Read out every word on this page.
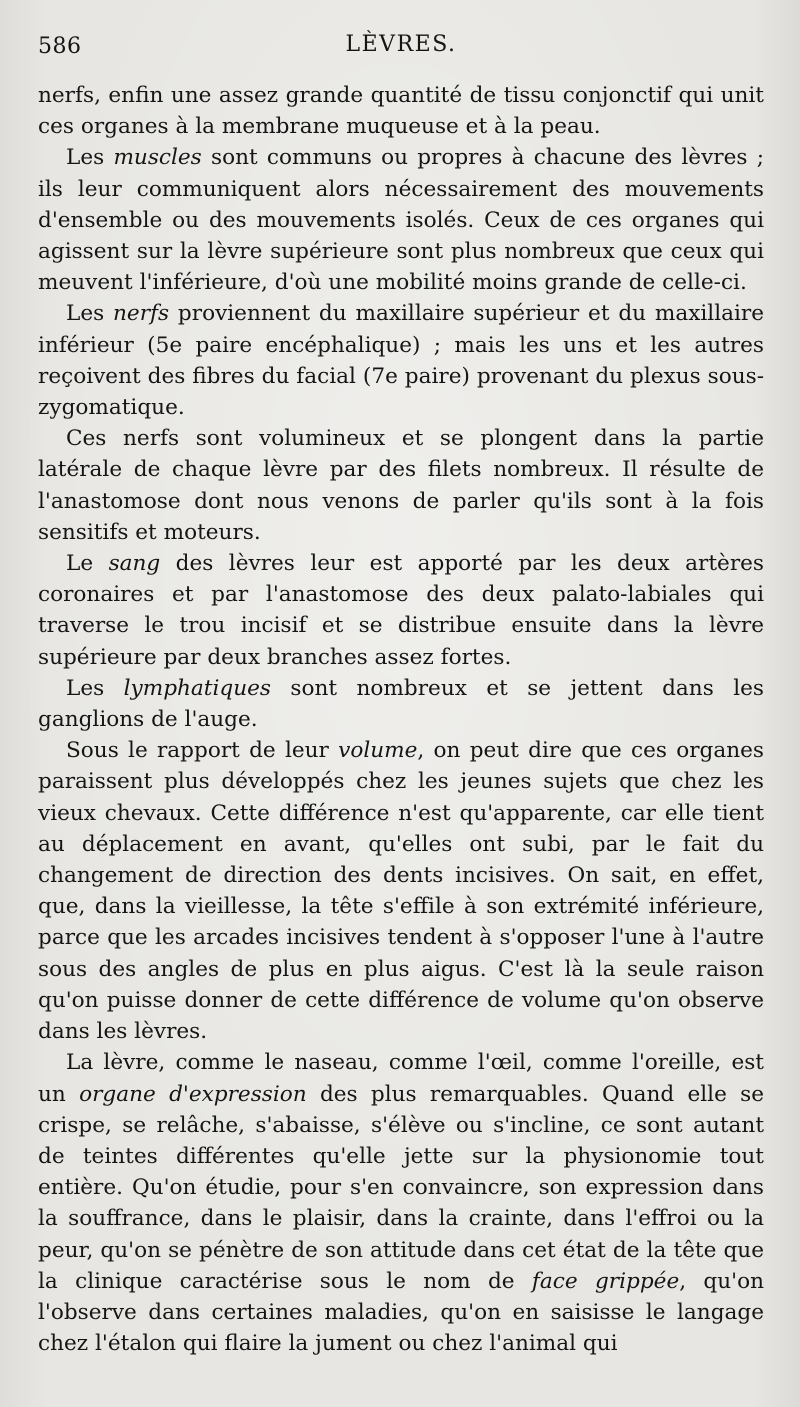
586	LÈVRES.

nerfs, enfin une assez grande quantité de tissu conjonctif qui unit ces organes à la membrane muqueuse et à la peau.

Les muscles sont communs ou propres à chacune des lèvres ; ils leur communiquent alors nécessairement des mouvements d'ensemble ou des mouvements isolés. Ceux de ces organes qui agissent sur la lèvre supérieure sont plus nombreux que ceux qui meuvent l'inférieure, d'où une mobilité moins grande de celle-ci.

Les nerfs proviennent du maxillaire supérieur et du maxillaire inférieur (5e paire encéphalique) ; mais les uns et les autres reçoivent des fibres du facial (7e paire) provenant du plexus sous-zygomatique.

Ces nerfs sont volumineux et se plongent dans la partie latérale de chaque lèvre par des filets nombreux. Il résulte de l'anastomose dont nous venons de parler qu'ils sont à la fois sensitifs et moteurs.

Le sang des lèvres leur est apporté par les deux artères coronaires et par l'anastomose des deux palato-labiales qui traverse le trou incisif et se distribue ensuite dans la lèvre supérieure par deux branches assez fortes.

Les lymphatiques sont nombreux et se jettent dans les ganglions de l'auge.

Sous le rapport de leur volume, on peut dire que ces organes paraissent plus développés chez les jeunes sujets que chez les vieux chevaux. Cette différence n'est qu'apparente, car elle tient au déplacement en avant, qu'elles ont subi, par le fait du changement de direction des dents incisives. On sait, en effet, que, dans la vieillesse, la tête s'effile à son extrémité inférieure, parce que les arcades incisives tendent à s'opposer l'une à l'autre sous des angles de plus en plus aigus. C'est là la seule raison qu'on puisse donner de cette différence de volume qu'on observe dans les lèvres.

La lèvre, comme le naseau, comme l'œil, comme l'oreille, est un organe d'expression des plus remarquables. Quand elle se crispe, se relâche, s'abaisse, s'élève ou s'incline, ce sont autant de teintes différentes qu'elle jette sur la physionomie tout entière. Qu'on étudie, pour s'en convaincre, son expression dans la souffrance, dans le plaisir, dans la crainte, dans l'effroi ou la peur, qu'on se pénètre de son attitude dans cet état de la tête que la clinique caractérise sous le nom de face grippée, qu'on l'observe dans certaines maladies, qu'on en saisisse le langage chez l'étalon qui flaire la jument ou chez l'animal qui
